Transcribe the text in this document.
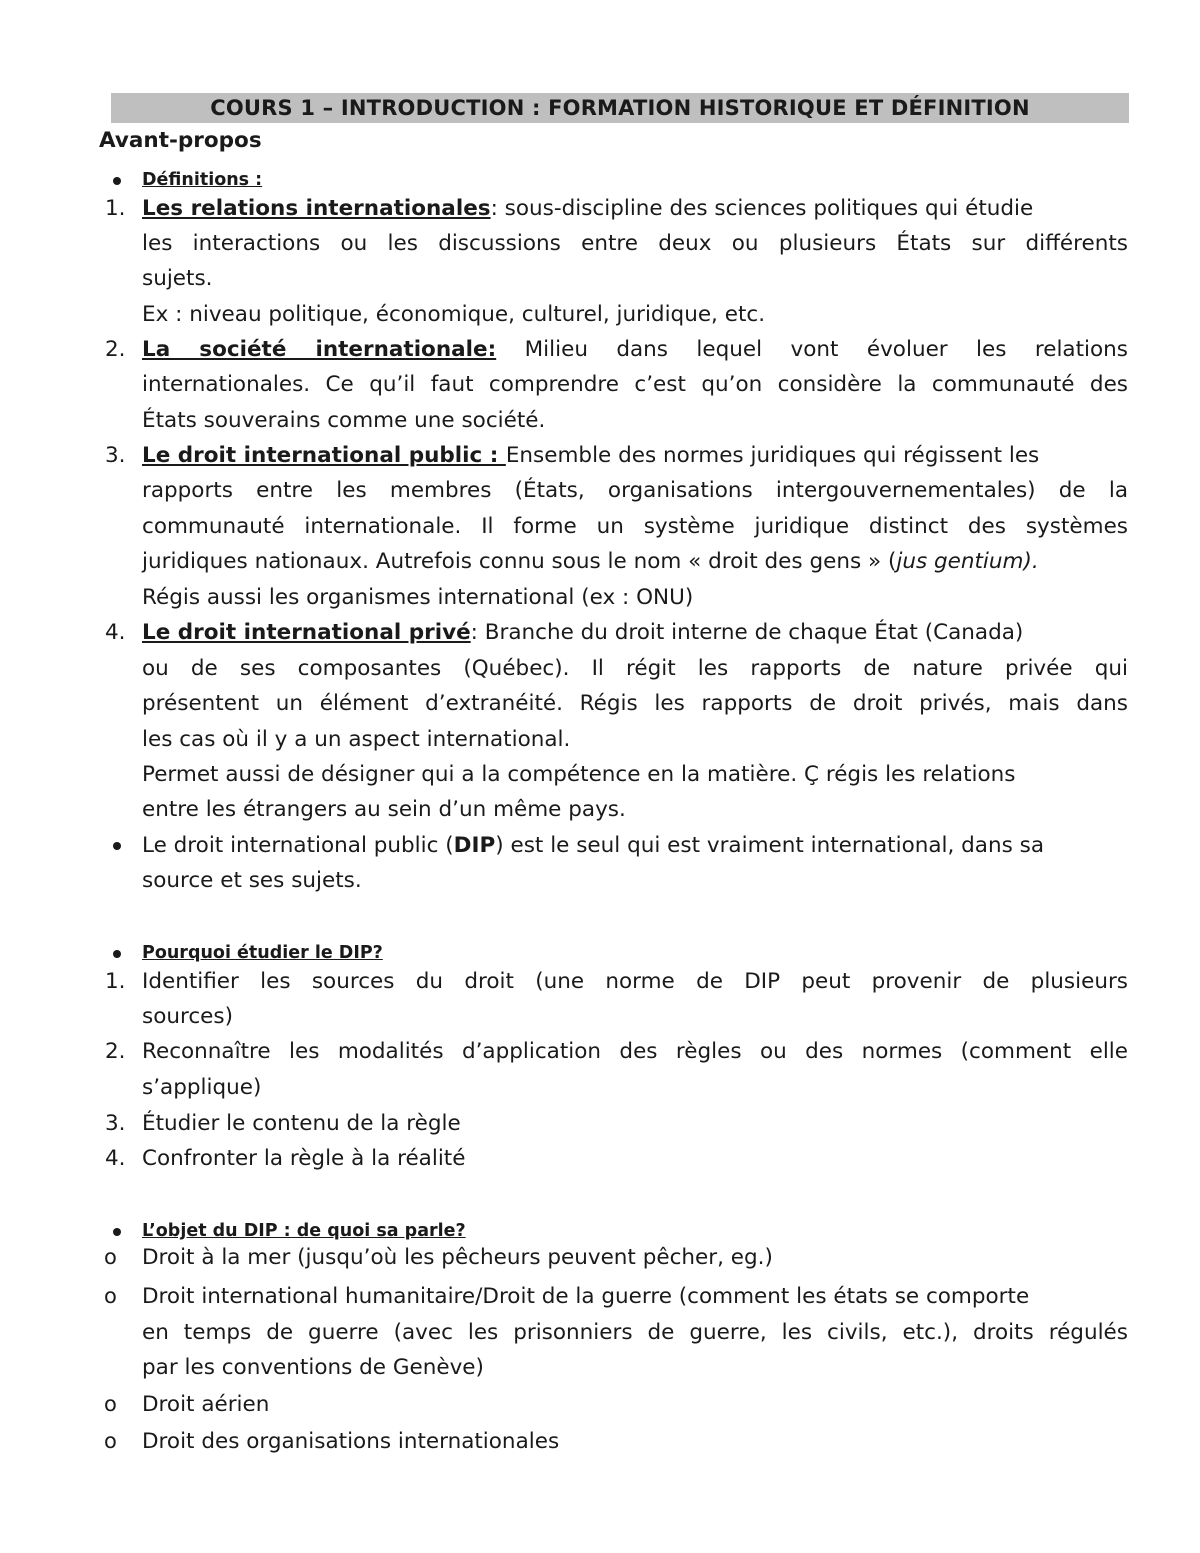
COURS 1 – INTRODUCTION : FORMATION HISTORIQUE ET DÉFINITION
Avant-propos
Définitions :
1. Les relations internationales: sous-discipline des sciences politiques qui étudie
les interactions ou les discussions entre deux ou plusieurs États sur différents
sujets.
Ex : niveau politique, économique, culturel, juridique, etc.
2. La société internationale: Milieu dans lequel vont évoluer les relations
internationales. Ce qu’il faut comprendre c’est qu’on considère la communauté des
États souverains comme une société.
3. Le droit international public : Ensemble des normes juridiques qui régissent les
rapports entre les membres (États, organisations intergouvernementales) de la
communauté internationale. Il forme un système juridique distinct des systèmes
juridiques nationaux. Autrefois connu sous le nom « droit des gens » (jus gentium).
Régis aussi les organismes international (ex : ONU)
4. Le droit international privé: Branche du droit interne de chaque État (Canada)
ou de ses composantes (Québec). Il régit les rapports de nature privée qui
présentent un élément d’extranéité. Régis les rapports de droit privés, mais dans
les cas où il y a un aspect international.
Permet aussi de désigner qui a la compétence en la matière. Ç régis les relations
entre les étrangers au sein d’un même pays.
Le droit international public (DIP) est le seul qui est vraiment international, dans sa
source et ses sujets.
Pourquoi étudier le DIP?
1. Identifier les sources du droit (une norme de DIP peut provenir de plusieurs
sources)
2. Reconnaître les modalités d’application des règles ou des normes (comment elle
s’applique)
3. Étudier le contenu de la règle
4. Confronter la règle à la réalité
L’objet du DIP : de quoi sa parle?
o Droit à la mer (jusqu’où les pêcheurs peuvent pêcher, eg.)
o Droit international humanitaire/Droit de la guerre (comment les états se comporte
en temps de guerre (avec les prisonniers de guerre, les civils, etc.), droits régulés
par les conventions de Genève)
o Droit aérien
o Droit des organisations internationales
